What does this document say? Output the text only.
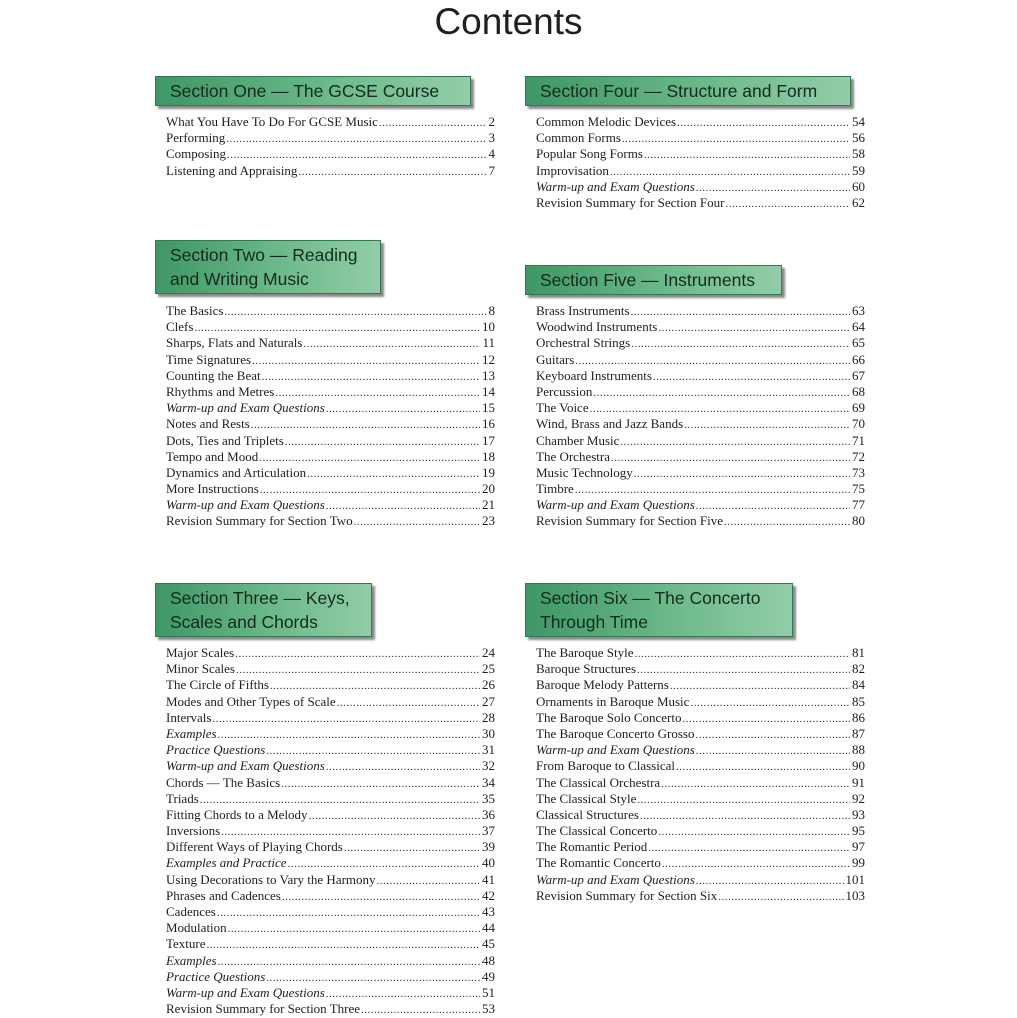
Contents
Section One — The GCSE Course
What You Have To Do For GCSE Music .....	2
Performing .....	3
Composing .....	4
Listening and Appraising .....	7
Section Two — Reading
and Writing Music
The Basics .....	8
Clefs .....	10
Sharps, Flats and Naturals .....	11
Time Signatures .....	12
Counting the Beat .....	13
Rhythms and Metres .....	14
Warm-up and Exam Questions .....	15
Notes and Rests .....	16
Dots, Ties and Triplets .....	17
Tempo and Mood .....	18
Dynamics and Articulation .....	19
More Instructions .....	20
Warm-up and Exam Questions .....	21
Revision Summary for Section Two .....	23
Section Three — Keys,
Scales and Chords
Major Scales .....	24
Minor Scales .....	25
The Circle of Fifths .....	26
Modes and Other Types of Scale .....	27
Intervals .....	28
Examples .....	30
Practice Questions .....	31
Warm-up and Exam Questions .....	32
Chords — The Basics .....	34
Triads .....	35
Fitting Chords to a Melody .....	36
Inversions .....	37
Different Ways of Playing Chords .....	39
Examples and Practice .....	40
Using Decorations to Vary the Harmony .....	41
Phrases and Cadences .....	42
Cadences .....	43
Modulation .....	44
Texture .....	45
Examples .....	48
Practice Questions .....	49
Warm-up and Exam Questions .....	51
Revision Summary for Section Three .....	53
Section Four — Structure and Form
Common Melodic Devices .....	54
Common Forms .....	56
Popular Song Forms .....	58
Improvisation .....	59
Warm-up and Exam Questions .....	60
Revision Summary for Section Four .....	62
Section Five — Instruments
Brass Instruments .....	63
Woodwind Instruments .....	64
Orchestral Strings .....	65
Guitars .....	66
Keyboard Instruments .....	67
Percussion .....	68
The Voice .....	69
Wind, Brass and Jazz Bands .....	70
Chamber Music .....	71
The Orchestra .....	72
Music Technology .....	73
Timbre .....	75
Warm-up and Exam Questions .....	77
Revision Summary for Section Five .....	80
Section Six — The Concerto
Through Time
The Baroque Style .....	81
Baroque Structures .....	82
Baroque Melody Patterns .....	84
Ornaments in Baroque Music .....	85
The Baroque Solo Concerto .....	86
The Baroque Concerto Grosso .....	87
Warm-up and Exam Questions .....	88
From Baroque to Classical .....	90
The Classical Orchestra .....	91
The Classical Style .....	92
Classical Structures .....	93
The Classical Concerto .....	95
The Romantic Period .....	97
The Romantic Concerto .....	99
Warm-up and Exam Questions .....	101
Revision Summary for Section Six .....	103
